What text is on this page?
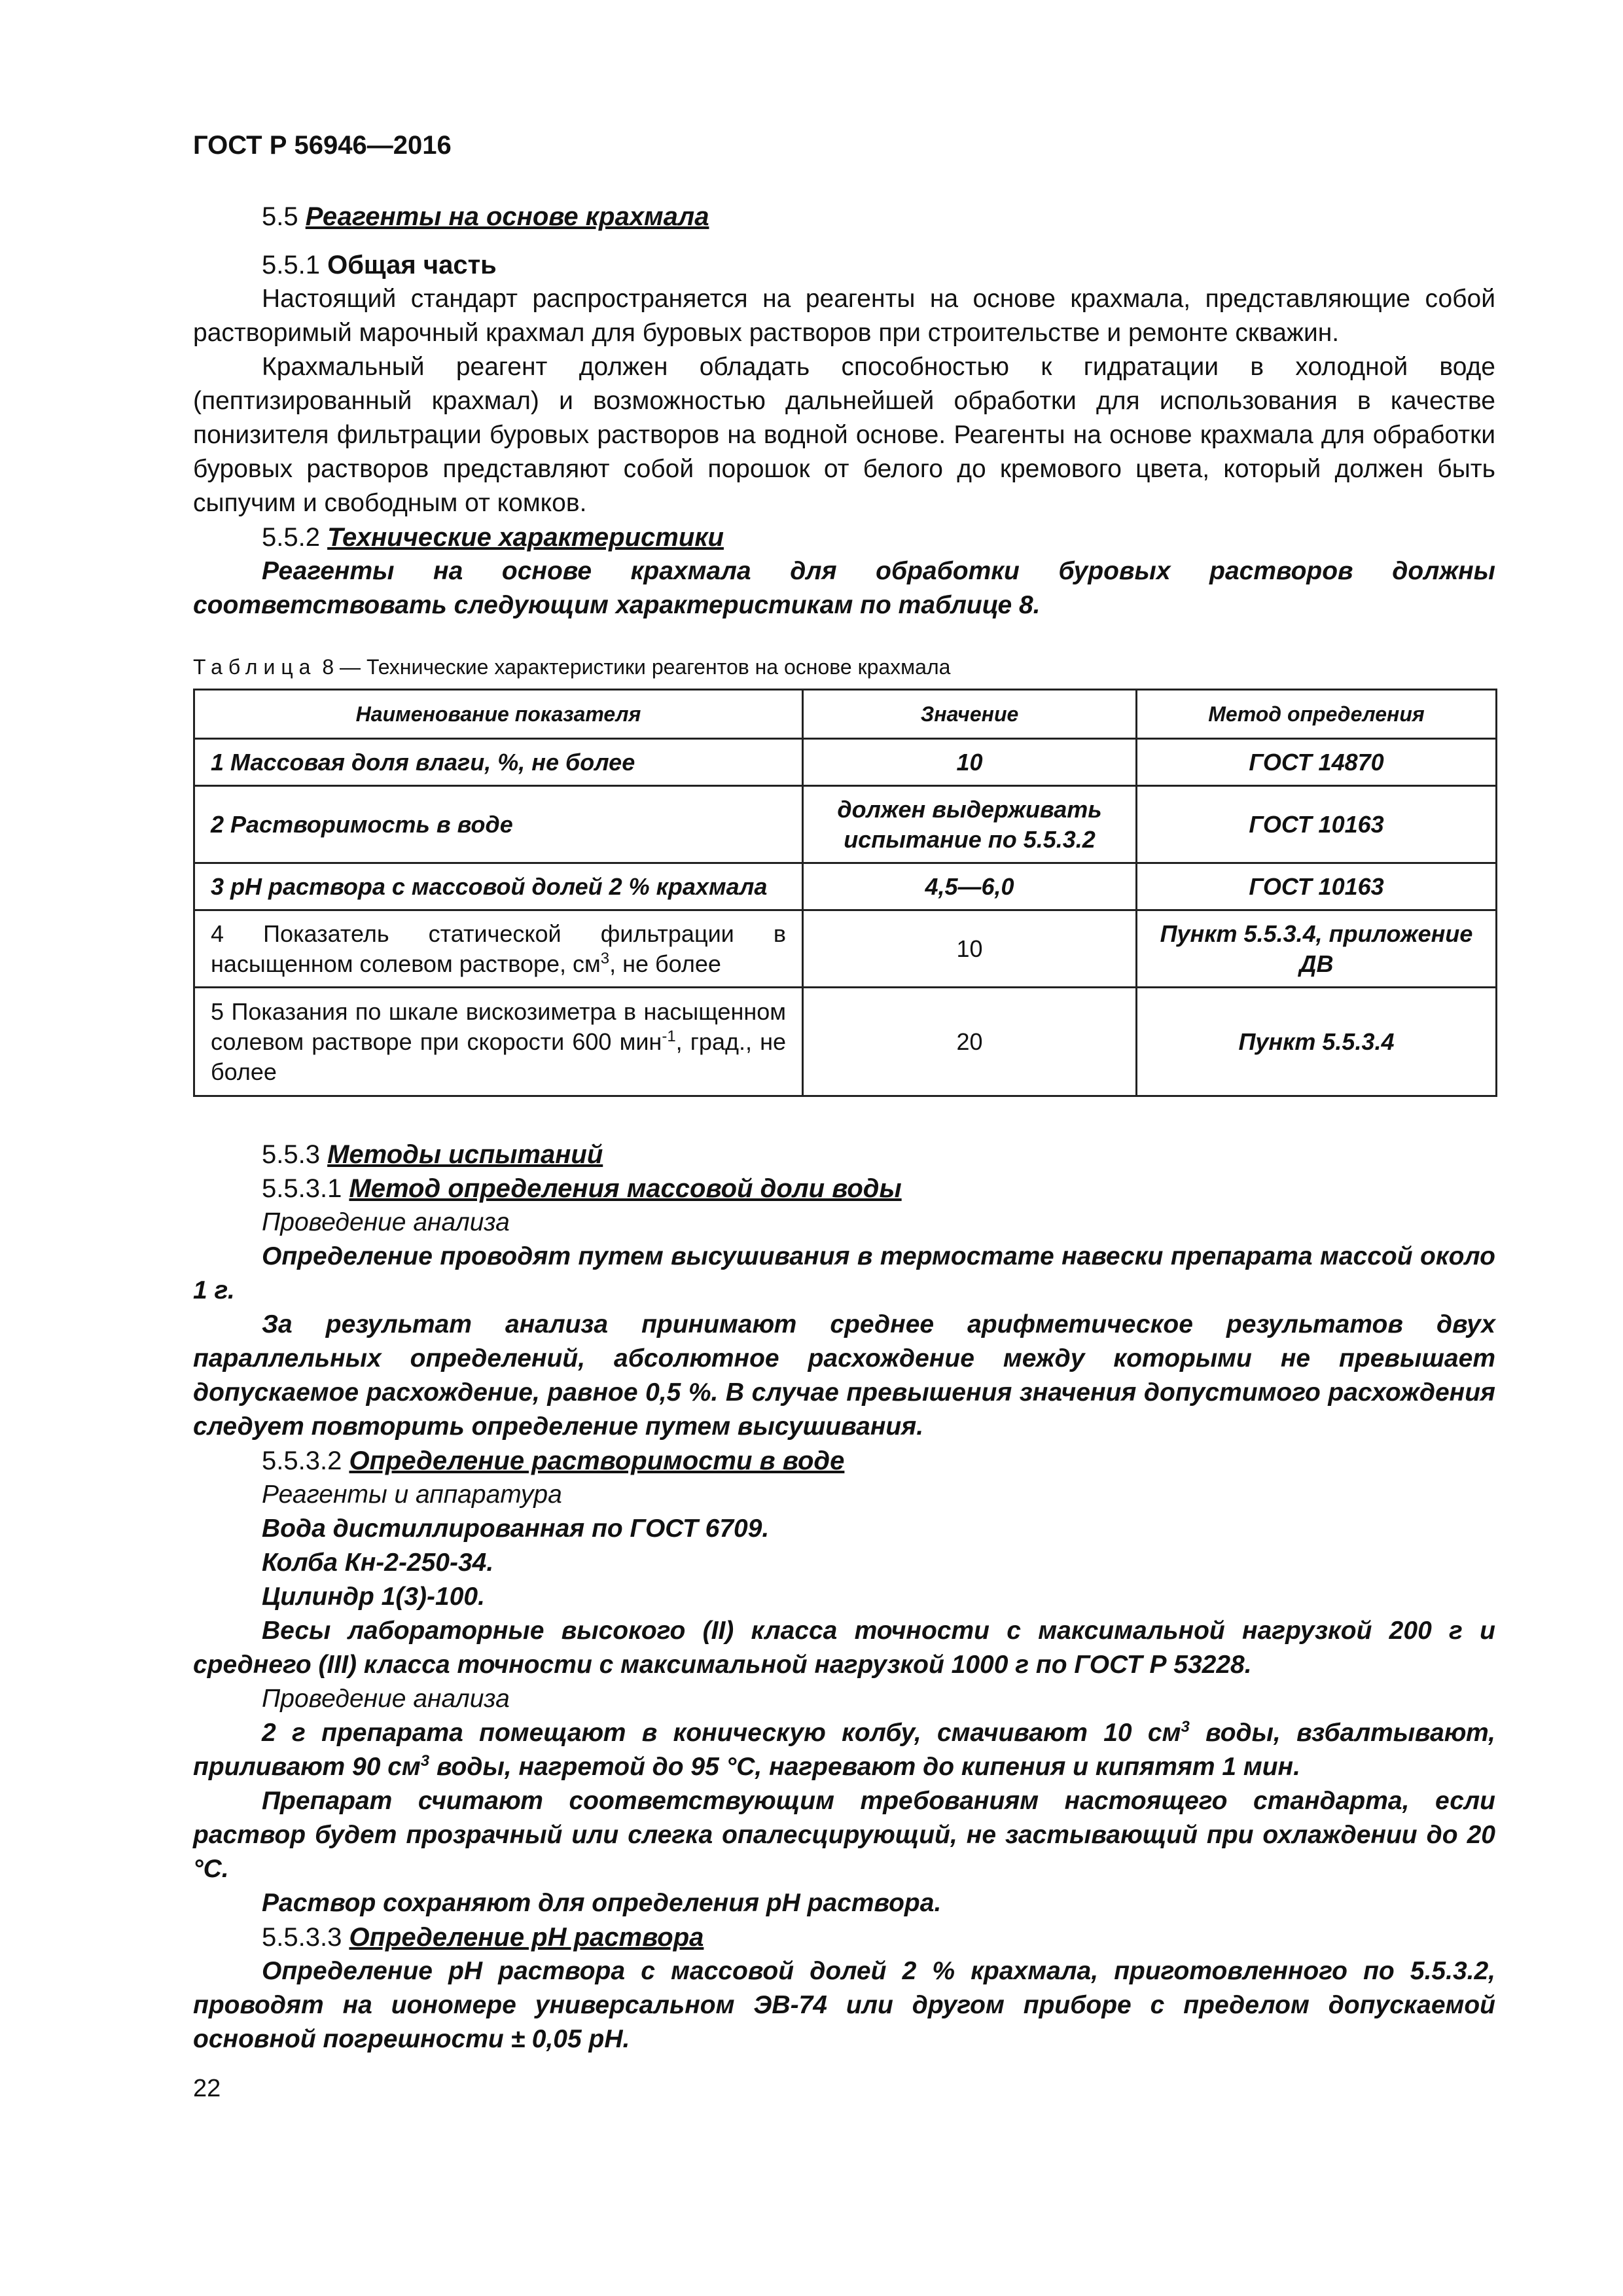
ГОСТ Р 56946—2016

5.5 Реагенты на основе крахмала

5.5.1 Общая часть

Настоящий стандарт распространяется на реагенты на основе крахмала, представляющие собой растворимый марочный крахмал для буровых растворов при строительстве и ремонте скважин.

Крахмальный реагент должен обладать способностью к гидратации в холодной воде (пептизированный крахмал) и возможностью дальнейшей обработки для использования в качестве понизителя фильтрации буровых растворов на водной основе. Реагенты на основе крахмала для обработки буровых растворов представляют собой порошок от белого до кремового цвета, который должен быть сыпучим и свободным от комков.

5.5.2 Технические характеристики

Реагенты на основе крахмала для обработки буровых растворов должны соответствовать следующим характеристикам по таблице 8.

Таблица 8 — Технические характеристики реагентов на основе крахмала
Наименование показателя	Значение	Метод определения
1 Массовая доля влаги, %, не более	10	ГОСТ 14870
2 Растворимость в воде	должен выдерживать испытание по 5.5.3.2	ГОСТ 10163
3 pH раствора с массовой долей 2 % крахмала	4,5—6,0	ГОСТ 10163
4 Показатель статической фильтрации в насыщенном солевом растворе, $см^3$, не более	10	Пункт 5.5.3.4, приложение ДВ
5 Показания по шкале вискозиметра в насыщенном солевом растворе при скорости 600 мин$^{-1}$, град., не более	20	Пункт 5.5.3.4

5.5.3 Методы испытаний

5.5.3.1 Метод определения массовой доли воды

Проведение анализа

Определение проводят путем высушивания в термостате навески препарата массой около 1 г.

За результат анализа принимают среднее арифметическое результатов двух параллельных определений, абсолютное расхождение между которыми не превышает допускаемое расхождение, равное 0,5 %. В случае превышения значения допустимого расхождения следует повторить определение путем высушивания.

5.5.3.2 Определение растворимости в воде

Реагенты и аппаратура

Вода дистиллированная по ГОСТ 6709.

Колба Кн-2-250-34.

Цилиндр 1(3)-100.

Весы лабораторные высокого (II) класса точности с максимальной нагрузкой 200 г и среднего (III) класса точности с максимальной нагрузкой 1000 г по ГОСТ Р 53228.

Проведение анализа

2 г препарата помещают в коническую колбу, смачивают 10 $см^3$ воды, взбалтывают, приливают 90 $см^3$ воды, нагретой до 95 °С, нагревают до кипения и кипятят 1 мин.

Препарат считают соответствующим требованиям настоящего стандарта, если раствор будет прозрачный или слегка опалесцирующий, не застывающий при охлаждении до 20 °С.

Раствор сохраняют для определения pH раствора.

5.5.3.3 Определение pH раствора

Определение pH раствора с массовой долей 2 % крахмала, приготовленного по 5.5.3.2, проводят на иономере универсальном ЭВ-74 или другом приборе с пределом допускаемой основной погрешности ± 0,05 pH.

22
